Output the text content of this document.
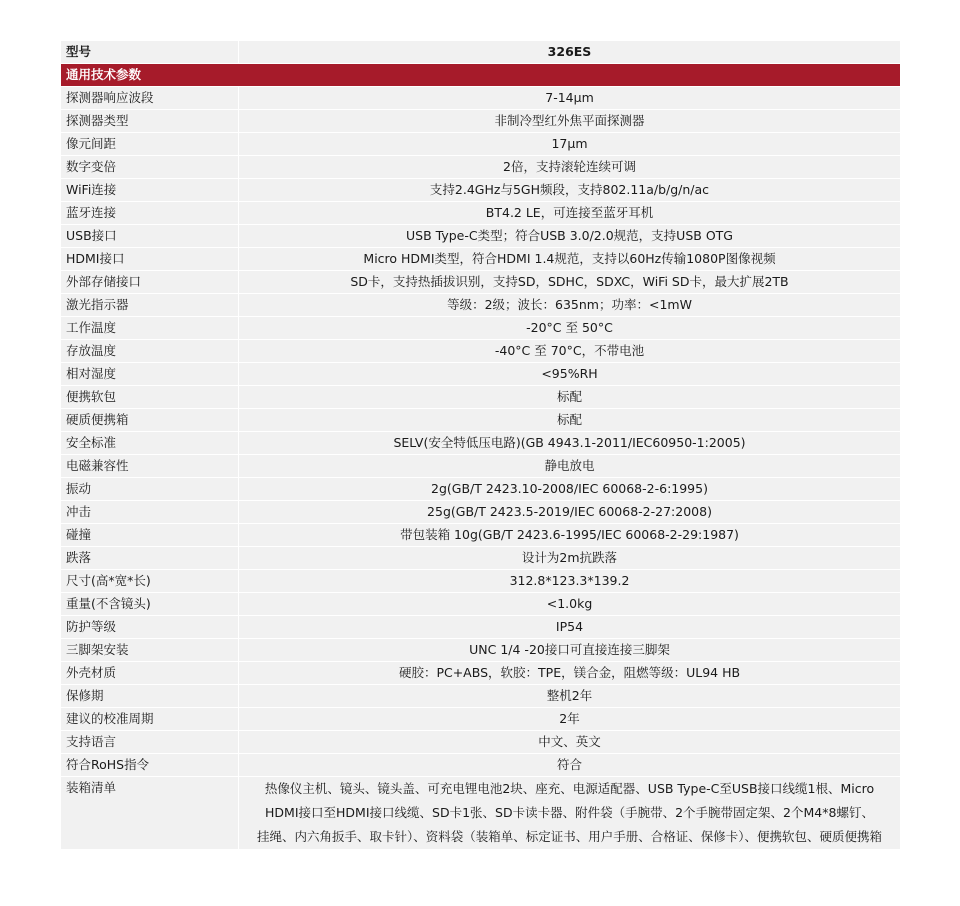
型号	326ES
通用技术参数	
探测器响应波段	7-14μm
探测器类型	非制冷型红外焦平面探测器
像元间距	17μm
数字变倍	2倍，支持滚轮连续可调
WiFi连接	支持2.4GHz与5GH频段，支持802.11a/b/g/n/ac
蓝牙连接	BT4.2 LE，可连接至蓝牙耳机
USB接口	USB Type-C类型；符合USB 3.0/2.0规范，支持USB OTG
HDMI接口	Micro HDMI类型，符合HDMI 1.4规范，支持以60Hz传输1080P图像视频
外部存储接口	SD卡，支持热插拔识别，支持SD，SDHC，SDXC，WiFi SD卡，最大扩展2TB
激光指示器	等级：2级；波长：635nm；功率：<1mW
工作温度	-20°C 至 50°C
存放温度	-40°C 至 70°C，不带电池
相对湿度	<95%RH
便携软包	标配
硬质便携箱	标配
安全标准	SELV(安全特低压电路)(GB 4943.1-2011/IEC60950-1:2005)
电磁兼容性	静电放电
振动	2g(GB/T 2423.10-2008/IEC 60068-2-6:1995)
冲击	25g(GB/T 2423.5-2019/IEC 60068-2-27:2008)
碰撞	带包装箱 10g(GB/T 2423.6-1995/IEC 60068-2-29:1987)
跌落	设计为2m抗跌落
尺寸(高*宽*长)	312.8*123.3*139.2
重量(不含镜头)	<1.0kg
防护等级	IP54
三脚架安装	UNC 1/4 -20接口可直接连接三脚架
外壳材质	硬胶：PC+ABS，软胶：TPE，镁合金，阻燃等级：UL94 HB
保修期	整机2年
建议的校准周期	2年
支持语言	中文、英文
符合RoHS指令	符合
装箱清单	热像仪主机、镜头、镜头盖、可充电锂电池2块、座充、电源适配器、USB Type-C至USB接口线缆1根、Micro
HDMI接口至HDMI接口线缆、SD卡1张、SD卡读卡器、附件袋（手腕带、2个手腕带固定架、2个M4*8螺钉、
挂绳、内六角扳手、取卡针）、资料袋（装箱单、标定证书、用户手册、合格证、保修卡）、便携软包、硬质便携箱
